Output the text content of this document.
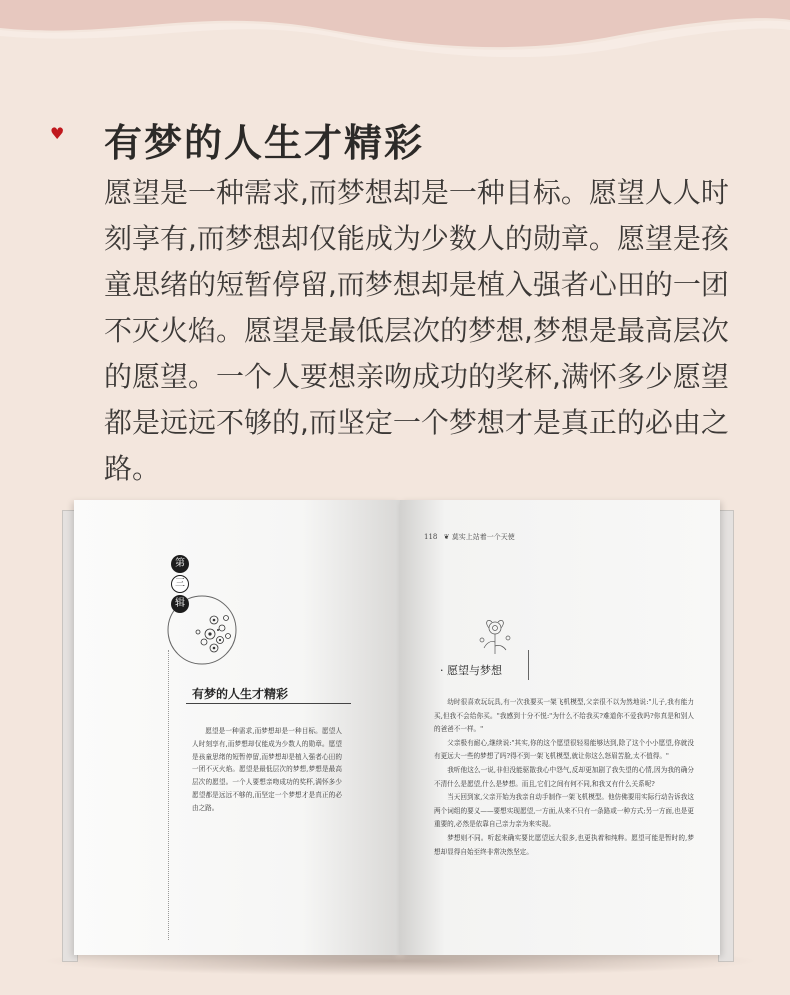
♥ 有梦的人生才精彩

愿望是一种需求,而梦想却是一种目标。愿望人人时刻享有,而梦想却仅能成为少数人的勋章。愿望是孩童思绪的短暂停留,而梦想却是植入强者心田的一团不灭火焰。愿望是最低层次的梦想,梦想是最高层次的愿望。一个人要想亲吻成功的奖杯,满怀多少愿望都是远远不够的,而坚定一个梦想才是真正的必由之路。

第
三
辑
有梦的人生才精彩

愿望是一种需求,而梦想却是一种目标。愿望人人时刻享有,而梦想却仅能成为少数人的勋章。愿望是孩童思绪的短暂停留,而梦想却是植入强者心田的一团不灭火焰。愿望是最低层次的梦想,梦想是最高层次的愿望。一个人要想亲吻成功的奖杯,满怀多少愿望都是远远不够的,而坚定一个梦想才是真正的必由之路。

118 ❦ 莫实上站着一个天使
· 愿望与梦想

幼时很喜欢玩玩具,有一次我要买一架飞机模型,父亲很不以为然地说:"儿子,我有能力买,但我不会给你买。"我感到十分不悦:"为什么不给我买?难道你不爱我吗?你真是和别人的爸爸不一样。"

父亲极有耐心,继续说:"其实,你的这个愿望很轻易能够达到,除了这个小小愿望,你就没有更远大一些的梦想了吗?得不到一架飞机模型,就让你这么怒眉苦脸,太不值得。"

我听他这么一说,非但没能驱散我心中怨气,反却更加剧了我失望的心情,因为我的确分不清什么是愿望,什么是梦想。而且,它们之间有何不同,和我又有什么关系呢?

当天回到家,父亲开始为我亲自动手制作一架飞机模型。他仿佛要用实际行动告诉我这两个词组的要义——要想实现愿望,一方面,从来不只有一条路或一种方式;另一方面,也是更重要的,必然是依靠自己亲力亲为来实现。

梦想则不同。听起来确实要比愿望远大很多,也更执着和纯粹。愿望可能是暂时的,梦想却显得自始至终非常决然坚定。
